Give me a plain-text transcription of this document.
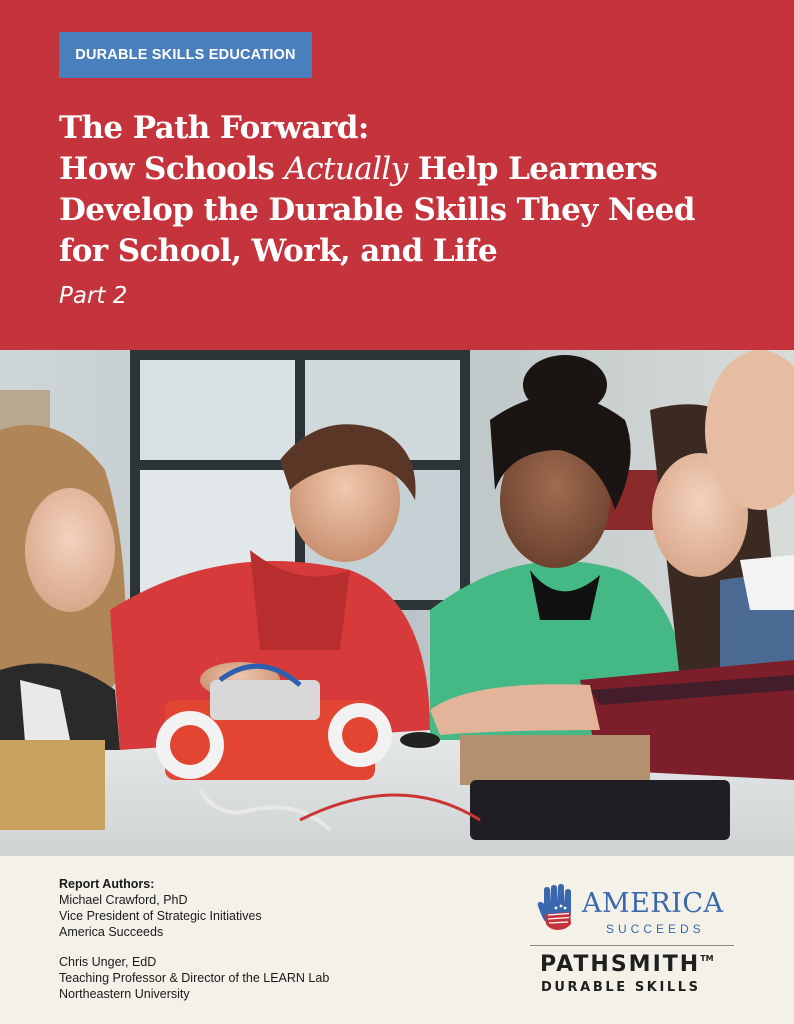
DURABLE SKILLS EDUCATION
The Path Forward:
How Schools Actually Help Learners
Develop the Durable Skills They Need
for School, Work, and Life
Part 2
Report Authors:
Michael Crawford, PhD
Vice President of Strategic Initiatives
America Succeeds
Chris Unger, EdD
Teaching Professor & Director of the LEARN Lab
Northeastern University
AMERICA
SUCCEEDS
PATHSMITH™
DURABLE SKILLS
